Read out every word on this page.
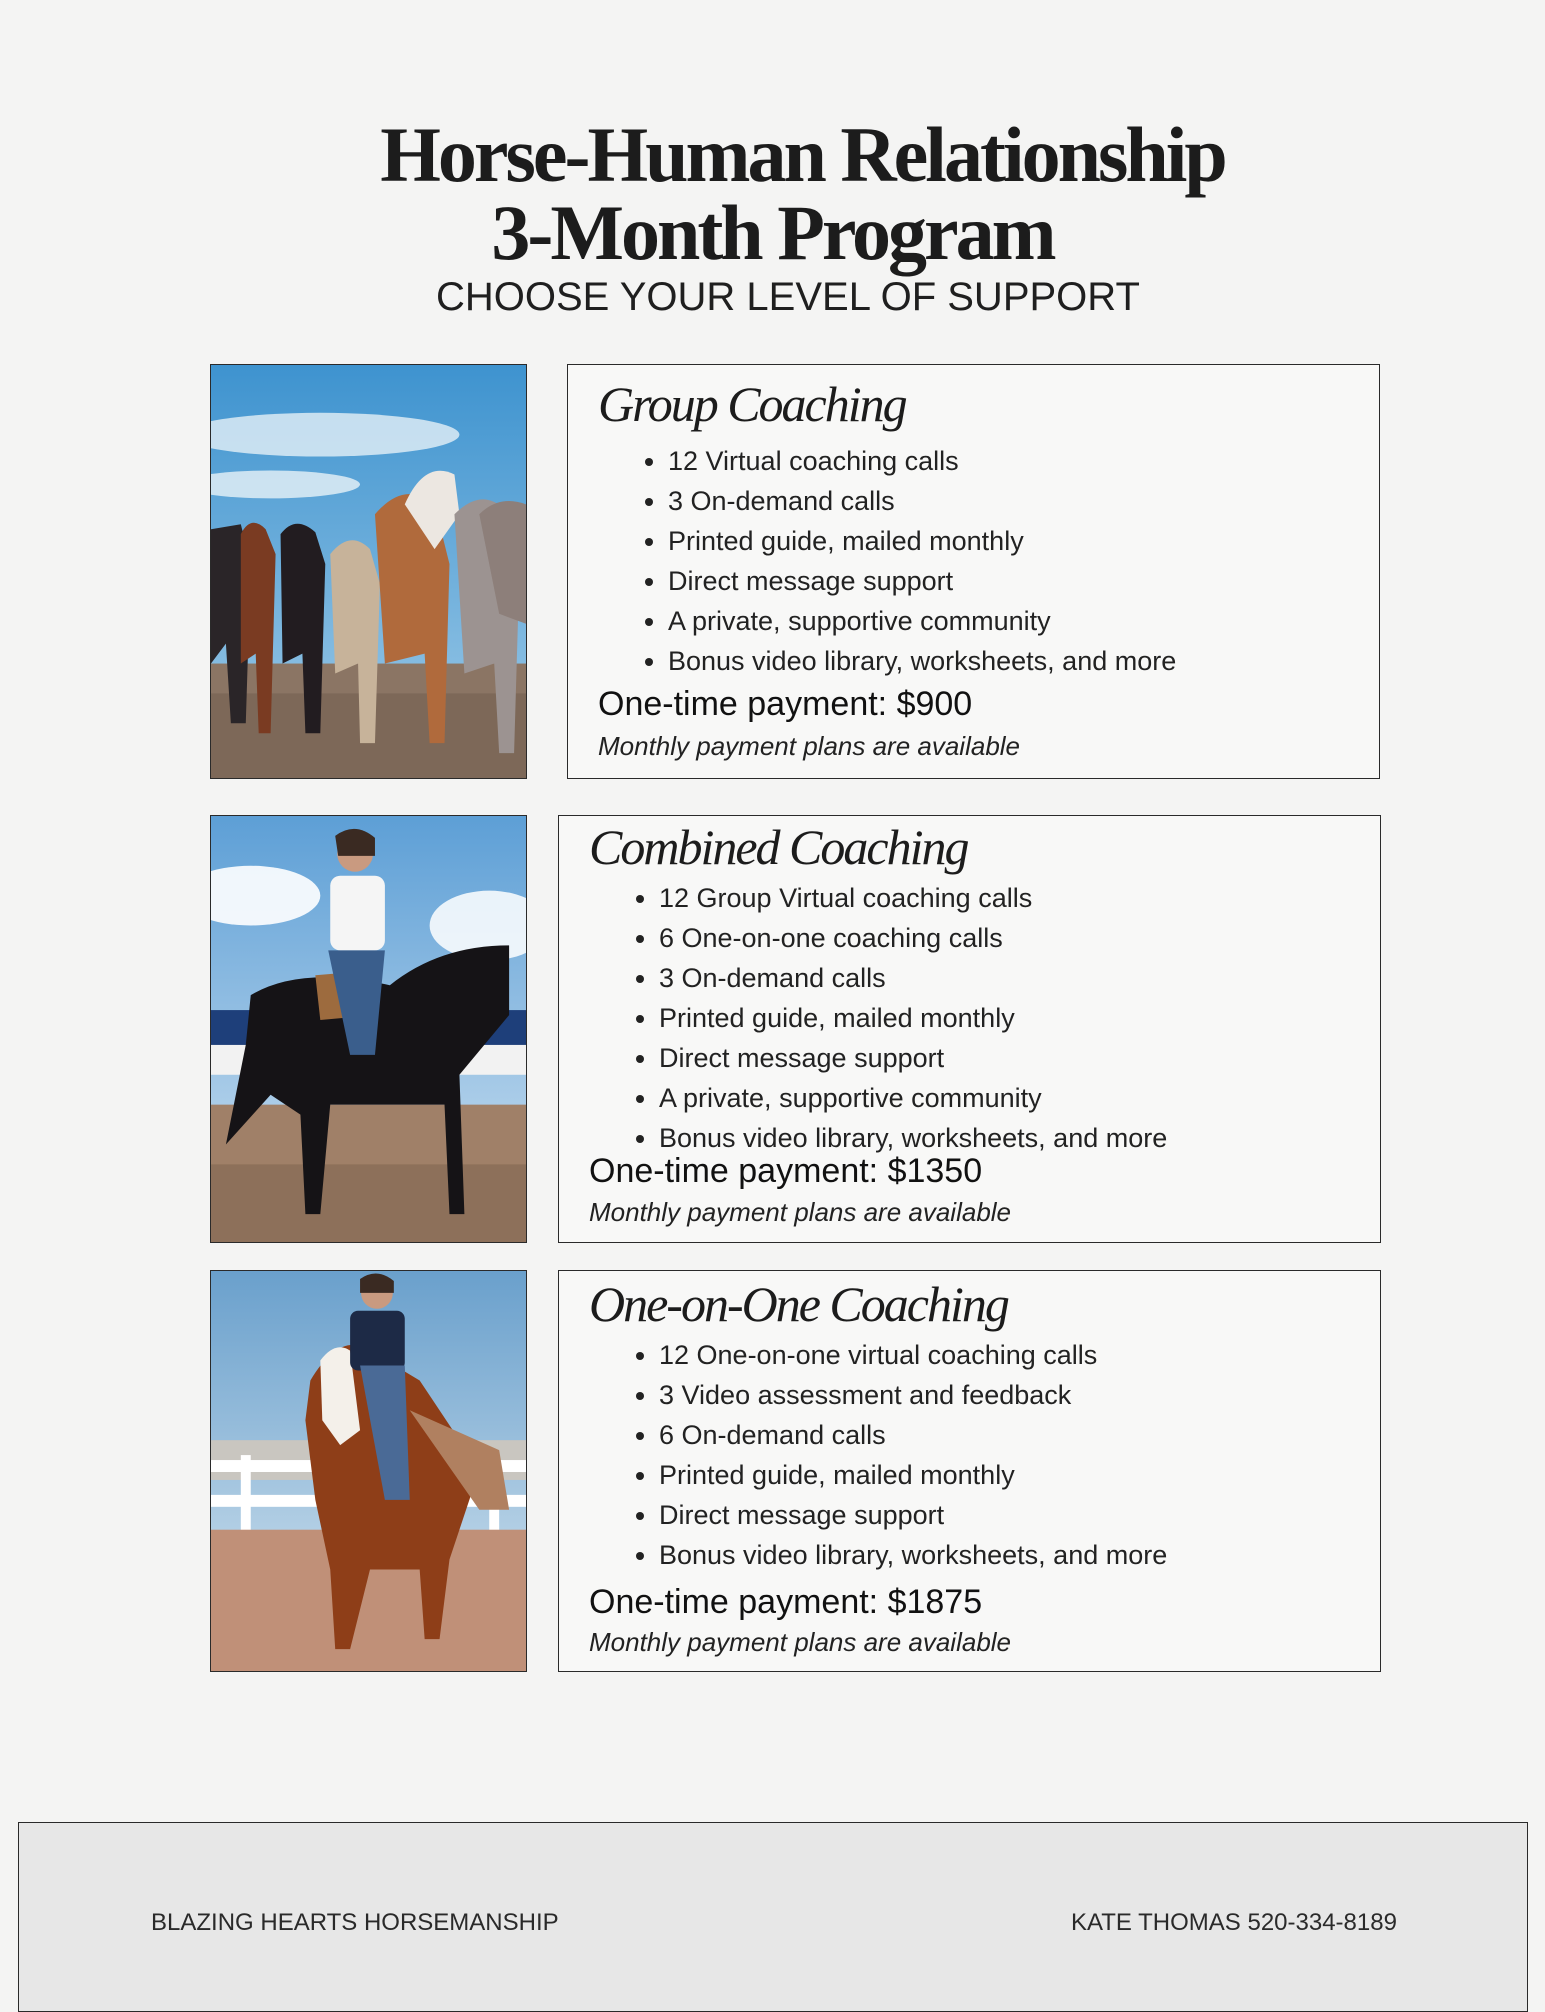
Horse-Human Relationship
3-Month Program
CHOOSE YOUR LEVEL OF SUPPORT
Group Coaching
• 12 Virtual coaching calls
• 3 On-demand calls
• Printed guide, mailed monthly
• Direct message support
• A private, supportive community
• Bonus video library, worksheets, and more
One-time payment: $900
Monthly payment plans are available
Combined Coaching
• 12 Group Virtual coaching calls
• 6 One-on-one coaching calls
• 3 On-demand calls
• Printed guide, mailed monthly
• Direct message support
• A private, supportive community
• Bonus video library, worksheets, and more
One-time payment: $1350
Monthly payment plans are available
One-on-One Coaching
• 12 One-on-one virtual coaching calls
• 3 Video assessment and feedback
• 6 On-demand calls
• Printed guide, mailed monthly
• Direct message support
• Bonus video library, worksheets, and more
One-time payment: $1875
Monthly payment plans are available
BLAZING HEARTS HORSEMANSHIP	KATE THOMAS 520-334-8189
